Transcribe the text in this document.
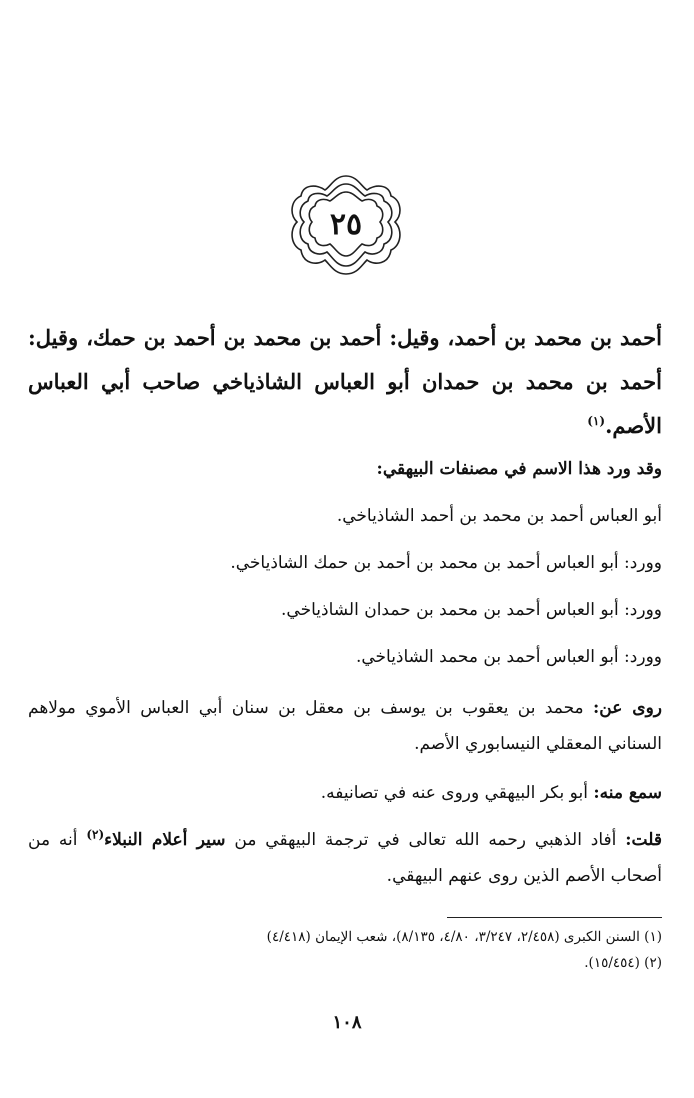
٢٥
أحمد بن محمد بن أحمد، وقيل: أحمد بن محمد بن أحمد بن حمك، وقيل: أحمد بن محمد بن حمدان أبو العباس الشاذياخي صاحب أبي العباس الأصم.$^{(١)}$
وقد ورد هذا الاسم في مصنفات البيهقي:
أبو العباس أحمد بن محمد بن أحمد الشاذياخي.
وورد: أبو العباس أحمد بن محمد بن أحمد بن حمك الشاذياخي.
وورد: أبو العباس أحمد بن محمد بن حمدان الشاذياخي.
وورد: أبو العباس أحمد بن محمد الشاذياخي.
روى عن: محمد بن يعقوب بن يوسف بن معقل بن سنان أبي العباس الأموي مولاهم السناني المعقلي النيسابوري الأصم.
سمع منه: أبو بكر البيهقي وروى عنه في تصانيفه.
قلت: أفاد الذهبي رحمه الله تعالى في ترجمة البيهقي من سير أعلام النبلاء$^{(٢)}$ أنه من أصحاب الأصم الذين روى عنهم البيهقي.
(١) السنن الكبرى (٢/٤٥٨، ٣/٢٤٧، ٤/٨٠، ٨/١٣٥)، شعب الإيمان (٤/٤١٨)
(٢) (١٥/٤٥٤).
١٠٨
